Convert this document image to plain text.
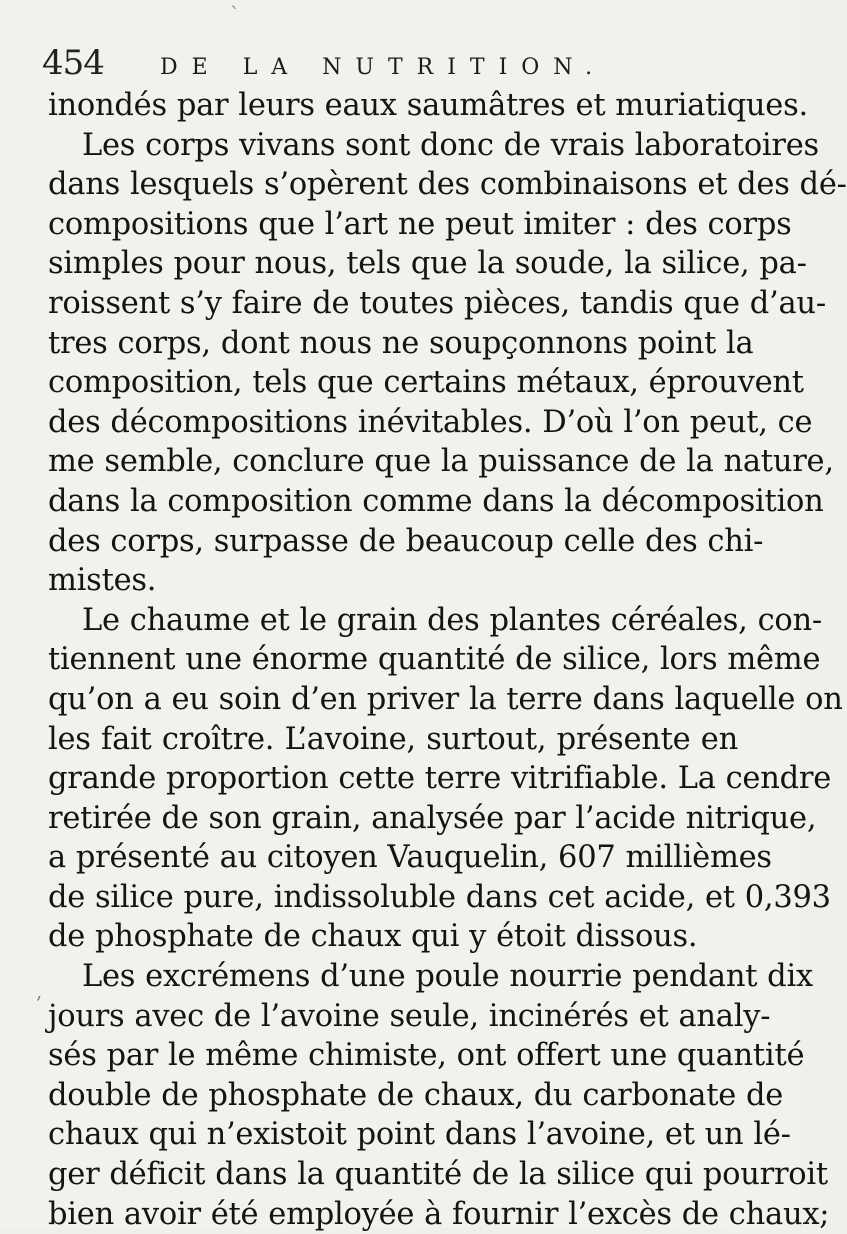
454	DE LA NUTRITION.
inondés par leurs eaux saumâtres et muriatiques.
Les corps vivans sont donc de vrais laboratoires
dans lesquels s’opèrent des combinaisons et des dé-
compositions que l’art ne peut imiter : des corps
simples pour nous, tels que la soude, la silice, pa-
roissent s’y faire de toutes pièces, tandis que d’au-
tres corps, dont nous ne soupçonnons point la
composition, tels que certains métaux, éprouvent
des décompositions inévitables. D’où l’on peut, ce
me semble, conclure que la puissance de la nature,
dans la composition comme dans la décomposition
des corps, surpasse de beaucoup celle des chi-
mistes.
Le chaume et le grain des plantes céréales, con-
tiennent une énorme quantité de silice, lors même
qu’on a eu soin d’en priver la terre dans laquelle on
les fait croître. L’avoine, surtout, présente en
grande proportion cette terre vitrifiable. La cendre
retirée de son grain, analysée par l’acide nitrique,
a présenté au citoyen Vauquelin, 607 millièmes
de silice pure, indissoluble dans cet acide, et 0,393
de phosphate de chaux qui y étoit dissous.
Les excrémens d’une poule nourrie pendant dix
jours avec de l’avoine seule, incinérés et analy-
sés par le même chimiste, ont offert une quantité
double de phosphate de chaux, du carbonate de
chaux qui n’existoit point dans l’avoine, et un lé-
ger déficit dans la quantité de la silice qui pourroit
bien avoir été employée à fournir l’excès de chaux;
ˋ
,
